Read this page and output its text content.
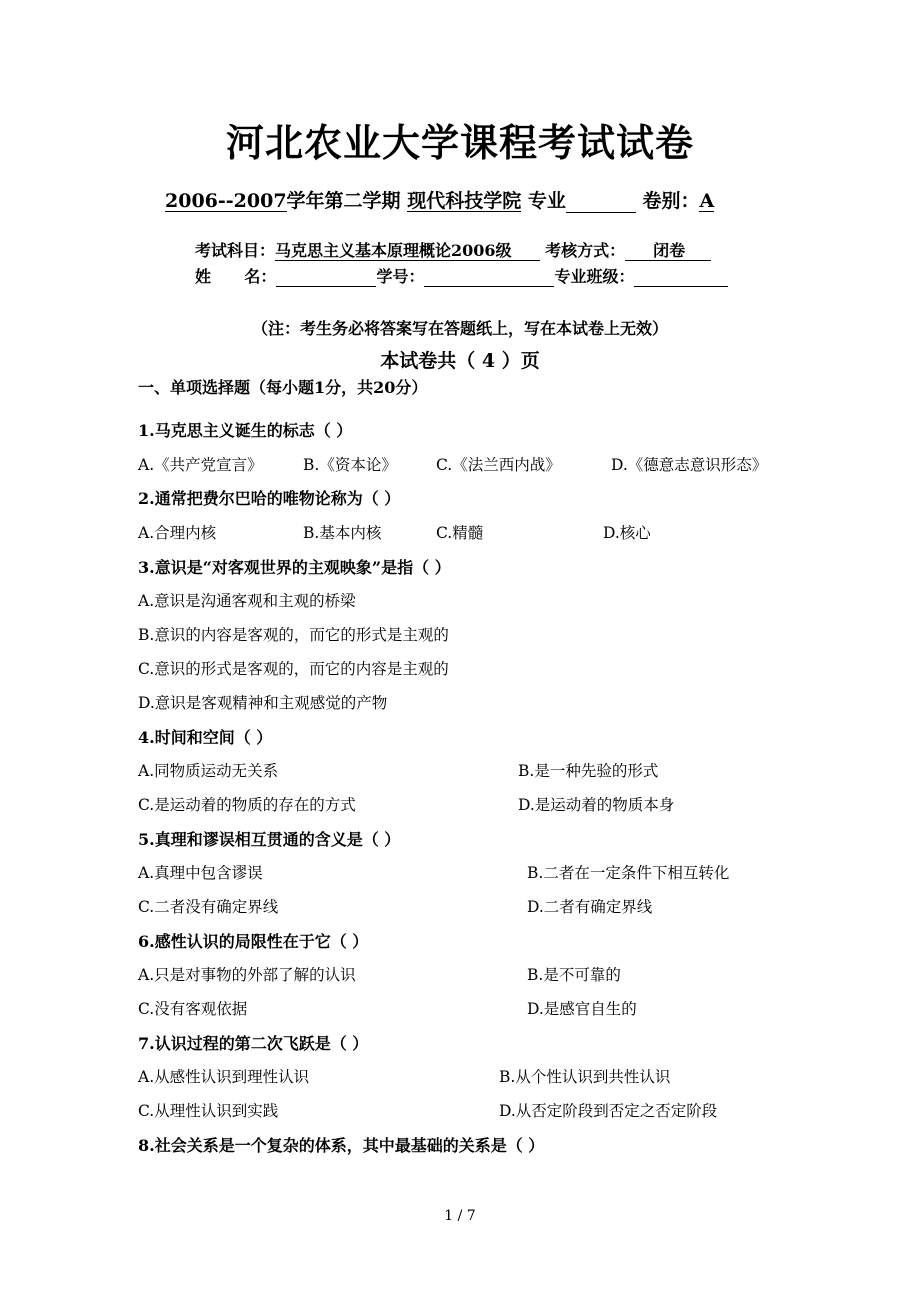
河北农业大学课程考试试卷
2006--2007学年第二学期 现代科技学院 专业	卷别：A
考试科目：马克思主义基本原理概论2006级 考核方式： 闭卷
姓      名：	学号：	专业班级：
（注：考生务必将答案写在答题纸上，写在本试卷上无效）
本试卷共（ 4 ）页
一、单项选择题（每小题1分，共20分）
1.马克思主义诞生的标志（ ）
A.《共产党宣言》	B.《资本论》	C.《法兰西内战》	D.《德意志意识形态》
2.通常把费尔巴哈的唯物论称为（ ）
A.合理内核	B.基本内核	C.精髓	D.核心
3.意识是“对客观世界的主观映象”是指（ ）
A.意识是沟通客观和主观的桥梁
B.意识的内容是客观的，而它的形式是主观的
C.意识的形式是客观的，而它的内容是主观的
D.意识是客观精神和主观感觉的产物
4.时间和空间（ ）
A.同物质运动无关系	B.是一种先验的形式
C.是运动着的物质的存在的方式	D.是运动着的物质本身
5.真理和谬误相互贯通的含义是（ ）
A.真理中包含谬误	B.二者在一定条件下相互转化
C.二者没有确定界线	D.二者有确定界线
6.感性认识的局限性在于它（ ）
A.只是对事物的外部了解的认识	B.是不可靠的
C.没有客观依据	D.是感官自生的
7.认识过程的第二次飞跃是（ ）
A.从感性认识到理性认识	B.从个性认识到共性认识
C.从理性认识到实践	D.从否定阶段到否定之否定阶段
8.社会关系是一个复杂的体系，其中最基础的关系是（ ）
1 / 7
